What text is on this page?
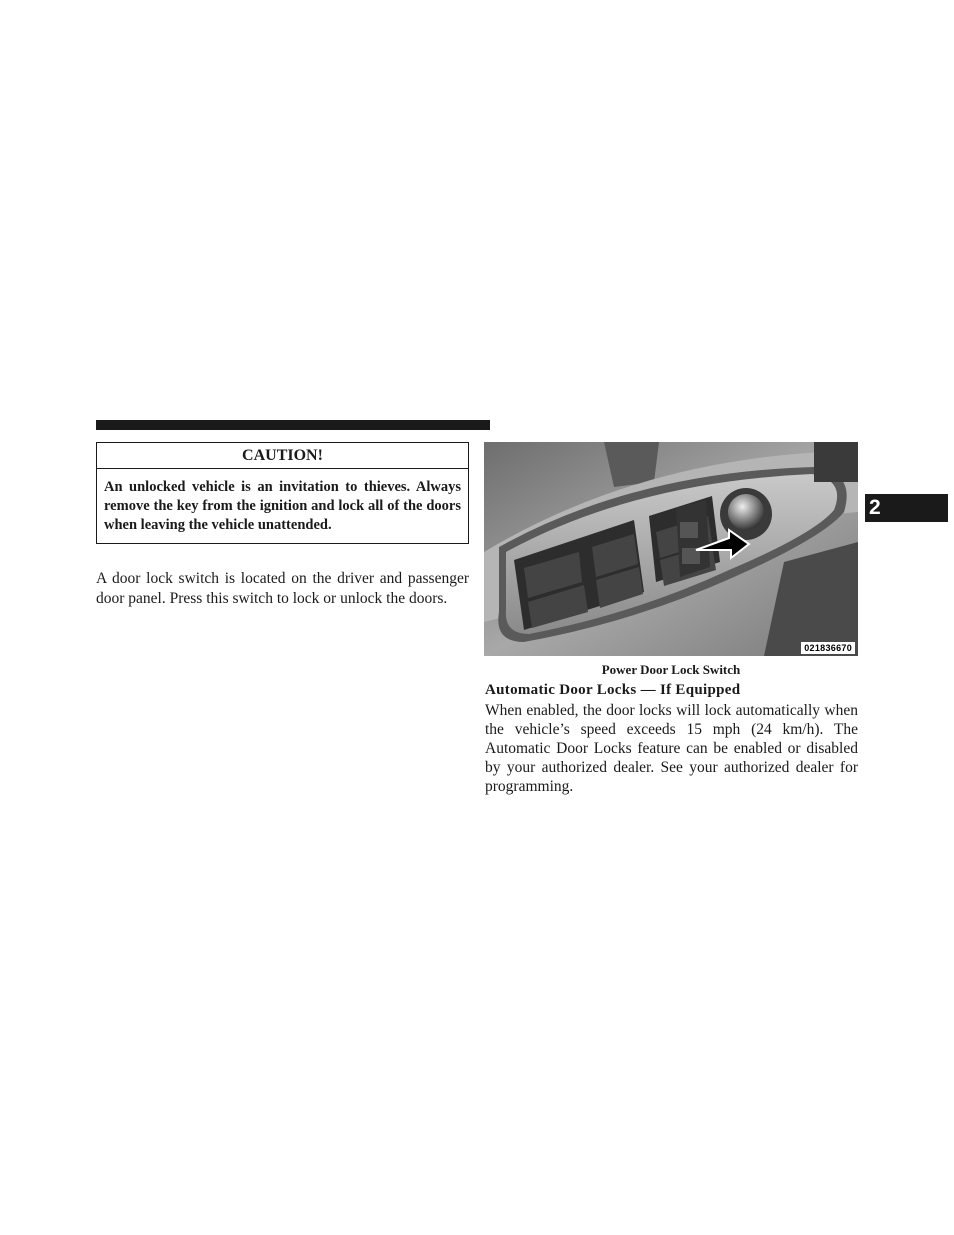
CAUTION!
An unlocked vehicle is an invitation to thieves. Always remove the key from the ignition and lock all of the doors when leaving the vehicle unattended.
A door lock switch is located on the driver and passenger door panel. Press this switch to lock or unlock the doors.
021836670
Power Door Lock Switch
Automatic Door Locks — If Equipped
When enabled, the door locks will lock automatically when the vehicle’s speed exceeds 15 mph (24 km/h). The Automatic Door Locks feature can be enabled or disabled by your authorized dealer. See your authorized dealer for programming.
2
